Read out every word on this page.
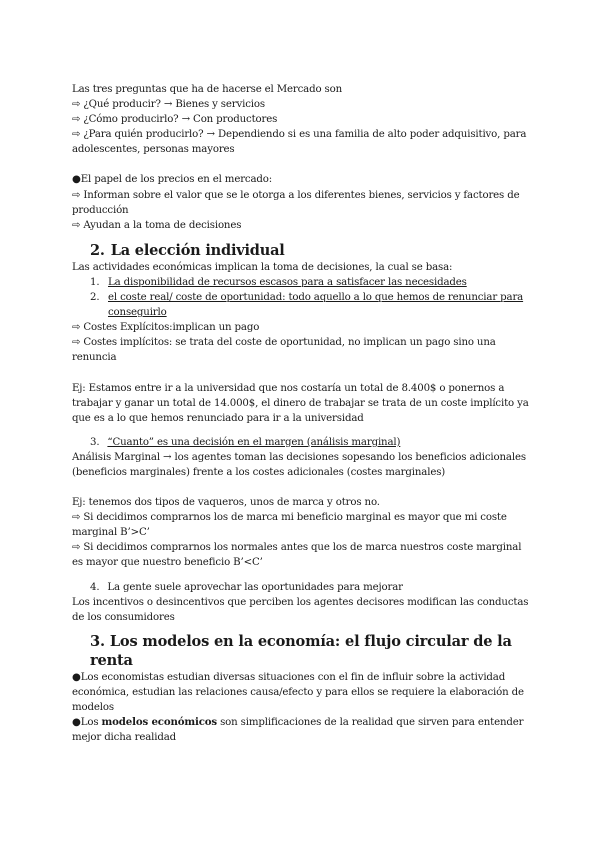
Las tres preguntas que ha de hacerse el Mercado son

⇨ ¿Qué producir? → Bienes y servicios

⇨ ¿Cómo producirlo? → Con productores

⇨ ¿Para quién producirlo? → Dependiendo si es una familia de alto poder adquisitivo, para adolescentes, personas mayores

●El papel de los precios en el mercado:

⇨ Informan sobre el valor que se le otorga a los diferentes bienes, servicios y factores de producción

⇨ Ayudan a la toma de decisiones

2. La elección individual

Las actividades económicas implican la toma de decisiones, la cual se basa:

1. La disponibilidad de recursos escasos para a satisfacer las necesidades
2. el coste real/ coste de oportunidad: todo aquello a lo que hemos de renunciar para conseguirlo

⇨ Costes Explícitos:implican un pago

⇨ Costes implícitos: se trata del coste de oportunidad, no implican un pago sino una renuncia

Ej: Estamos entre ir a la universidad que nos costaría un total de 8.400$ o ponernos a trabajar y ganar un total de 14.000$, el dinero de trabajar se trata de un coste implícito ya que es a lo que hemos renunciado para ir a la universidad

3. “Cuanto” es una decisión en el margen (análisis marginal)

Análisis Marginal → los agentes toman las decisiones sopesando los beneficios adicionales (beneficios marginales) frente a los costes adicionales (costes marginales)

Ej: tenemos dos tipos de vaqueros, unos de marca y otros no.

⇨ Si decidimos comprarnos los de marca mi beneficio marginal es mayor que mi coste marginal B’>C’

⇨ Si decidimos comprarnos los normales antes que los de marca nuestros coste marginal es mayor que nuestro beneficio B’<C’

4. La gente suele aprovechar las oportunidades para mejorar

Los incentivos o desincentivos que perciben los agentes decisores modifican las conductas de los consumidores

3. Los modelos en la economía: el flujo circular de la renta

●Los economistas estudian diversas situaciones con el fin de influir sobre la actividad económica, estudian las relaciones causa/efecto y para ellos se requiere la elaboración de modelos

●Los modelos económicos son simplificaciones de la realidad que sirven para entender mejor dicha realidad
